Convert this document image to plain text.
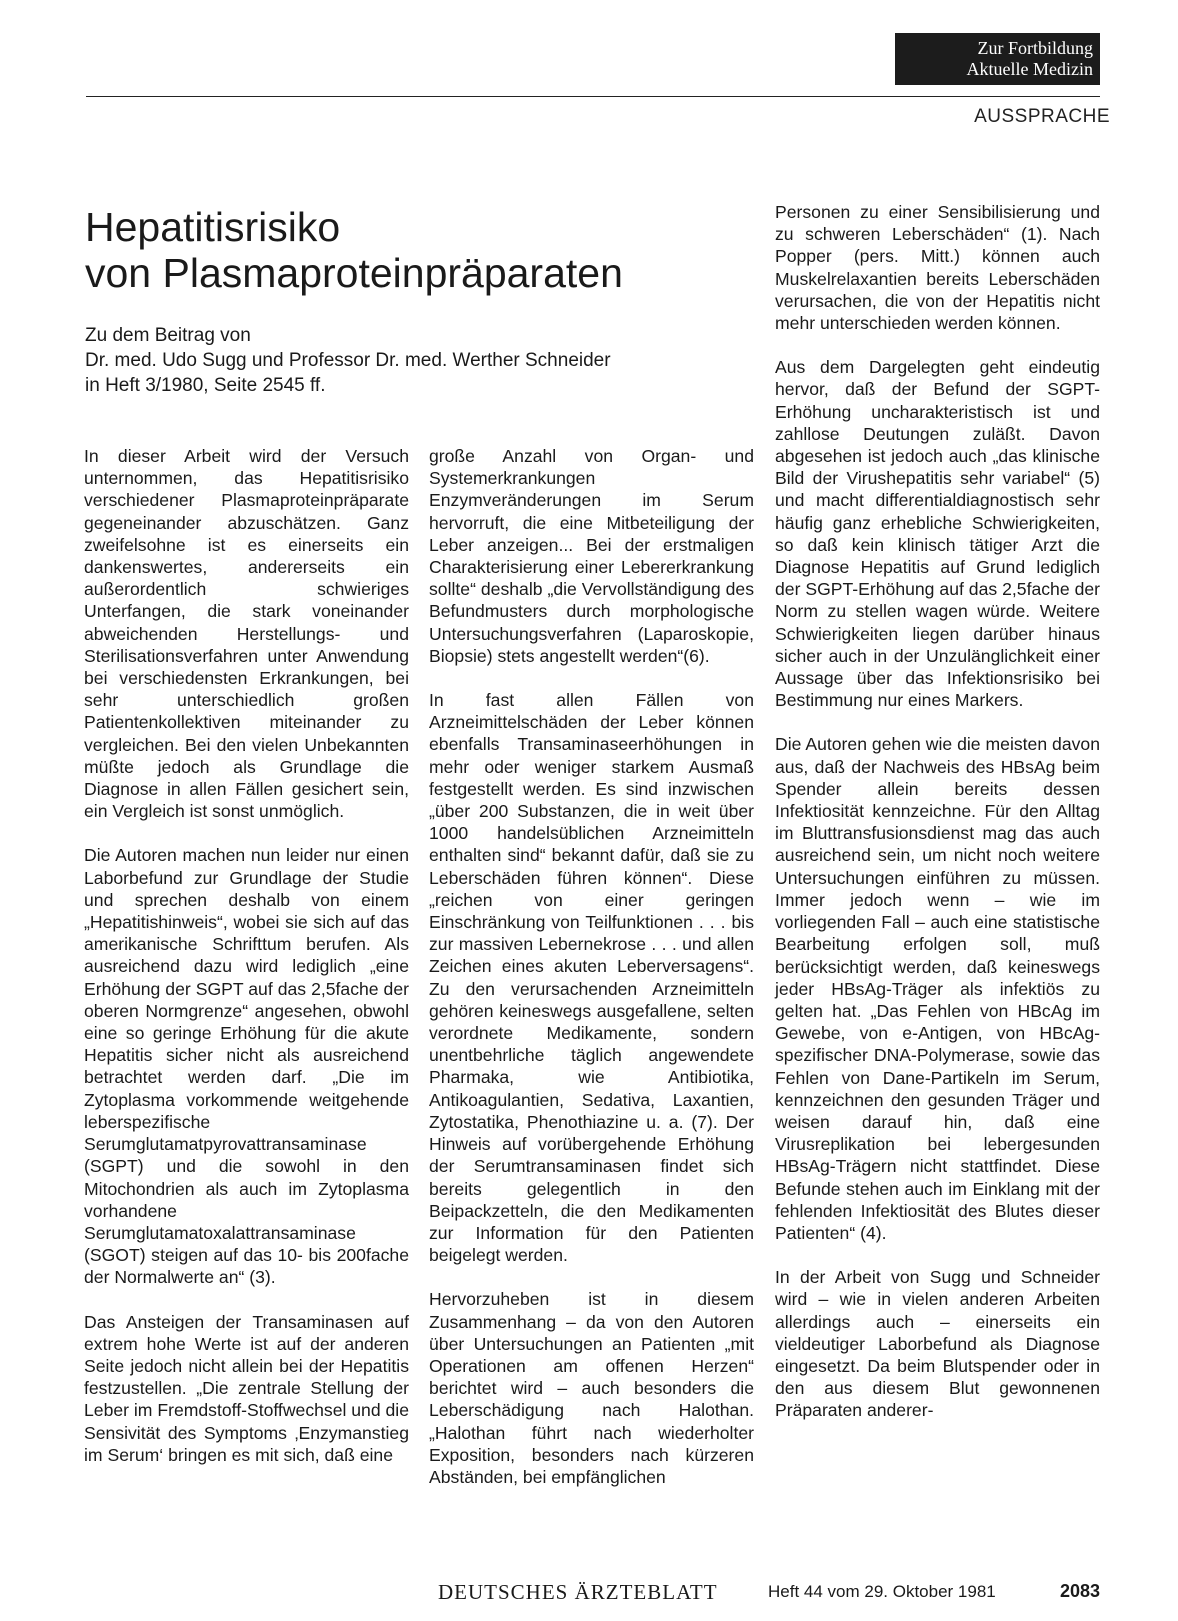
Zur Fortbildung
Aktuelle Medizin
AUSSPRACHE
Hepatitisrisiko
von Plasmaproteinpräparaten
Zu dem Beitrag von
Dr. med. Udo Sugg und Professor Dr. med. Werther Schneider
in Heft 3/1980, Seite 2545 ff.

In dieser Arbeit wird der Versuch unternommen, das Hepatitisrisiko verschiedener Plasmaproteinpräparate gegeneinander abzuschätzen. Ganz zweifelsohne ist es einerseits ein dankenswertes, andererseits ein außerordentlich schwieriges Unterfangen, die stark voneinander abweichenden Herstellungs- und Sterilisationsverfahren unter Anwendung bei verschiedensten Erkrankungen, bei sehr unterschiedlich großen Patientenkollektiven miteinander zu vergleichen. Bei den vielen Unbekannten müßte jedoch als Grundlage die Diagnose in allen Fällen gesichert sein, ein Vergleich ist sonst unmöglich.

Die Autoren machen nun leider nur einen Laborbefund zur Grundlage der Studie und sprechen deshalb von einem „Hepatitishinweis“, wobei sie sich auf das amerikanische Schrifttum berufen. Als ausreichend dazu wird lediglich „eine Erhöhung der SGPT auf das 2,5fache der oberen Normgrenze“ angesehen, obwohl eine so geringe Erhöhung für die akute Hepatitis sicher nicht als ausreichend betrachtet werden darf. „Die im Zytoplasma vorkommende weitgehende leberspezifische Serumglutamatpyrovattransaminase (SGPT) und die sowohl in den Mitochondrien als auch im Zytoplasma vorhandene Serumglutamatoxalattransaminase (SGOT) steigen auf das 10- bis 200fache der Normalwerte an“ (3).

Das Ansteigen der Transaminasen auf extrem hohe Werte ist auf der anderen Seite jedoch nicht allein bei der Hepatitis festzustellen. „Die zentrale Stellung der Leber im Fremdstoff-Stoffwechsel und die Sensivität des Symptoms ‚Enzymanstieg im Serum‘ bringen es mit sich, daß eine

große Anzahl von Organ- und Systemerkrankungen Enzymveränderungen im Serum hervorruft, die eine Mitbeteiligung der Leber anzeigen... Bei der erstmaligen Charakterisierung einer Lebererkrankung sollte“ deshalb „die Vervollständigung des Befundmusters durch morphologische Untersuchungsverfahren (Laparoskopie, Biopsie) stets angestellt werden“(6).

In fast allen Fällen von Arzneimittelschäden der Leber können ebenfalls Transaminaseerhöhungen in mehr oder weniger starkem Ausmaß festgestellt werden. Es sind inzwischen „über 200 Substanzen, die in weit über 1000 handelsüblichen Arzneimitteln enthalten sind“ bekannt dafür, daß sie zu Leberschäden führen können“. Diese „reichen von einer geringen Einschränkung von Teilfunktionen . . . bis zur massiven Lebernekrose . . . und allen Zeichen eines akuten Leberversagens“. Zu den verursachenden Arzneimitteln gehören keineswegs ausgefallene, selten verordnete Medikamente, sondern unentbehrliche täglich angewendete Pharmaka, wie Antibiotika, Antikoagulantien, Sedativa, Laxantien, Zytostatika, Phenothiazine u. a. (7). Der Hinweis auf vorübergehende Erhöhung der Serumtransaminasen findet sich bereits gelegentlich in den Beipackzetteln, die den Medikamenten zur Information für den Patienten beigelegt werden.

Hervorzuheben ist in diesem Zusammenhang – da von den Autoren über Untersuchungen an Patienten „mit Operationen am offenen Herzen“ berichtet wird – auch besonders die Leberschädigung nach Halothan. „Halothan führt nach wiederholter Exposition, besonders nach kürzeren Abständen, bei empfänglichen

Personen zu einer Sensibilisierung und zu schweren Leberschäden“ (1). Nach Popper (pers. Mitt.) können auch Muskelrelaxantien bereits Leberschäden verursachen, die von der Hepatitis nicht mehr unterschieden werden können.

Aus dem Dargelegten geht eindeutig hervor, daß der Befund der SGPT-Erhöhung uncharakteristisch ist und zahllose Deutungen zuläßt. Davon abgesehen ist jedoch auch „das klinische Bild der Virushepatitis sehr variabel“ (5) und macht differentialdiagnostisch sehr häufig ganz erhebliche Schwierigkeiten, so daß kein klinisch tätiger Arzt die Diagnose Hepatitis auf Grund lediglich der SGPT-Erhöhung auf das 2,5fache der Norm zu stellen wagen würde. Weitere Schwierigkeiten liegen darüber hinaus sicher auch in der Unzulänglichkeit einer Aussage über das Infektionsrisiko bei Bestimmung nur eines Markers.

Die Autoren gehen wie die meisten davon aus, daß der Nachweis des HBsAg beim Spender allein bereits dessen Infektiosität kennzeichne. Für den Alltag im Bluttransfusionsdienst mag das auch ausreichend sein, um nicht noch weitere Untersuchungen einführen zu müssen. Immer jedoch wenn – wie im vorliegenden Fall – auch eine statistische Bearbeitung erfolgen soll, muß berücksichtigt werden, daß keineswegs jeder HBsAg-Träger als infektiös zu gelten hat. „Das Fehlen von HBcAg im Gewebe, von e-Antigen, von HBcAg-spezifischer DNA-Polymerase, sowie das Fehlen von Dane-Partikeln im Serum, kennzeichnen den gesunden Träger und weisen darauf hin, daß eine Virusreplikation bei lebergesunden HBsAg-Trägern nicht stattfindet. Diese Befunde stehen auch im Einklang mit der fehlenden Infektiosität des Blutes dieser Patienten“ (4).

In der Arbeit von Sugg und Schneider wird – wie in vielen anderen Arbeiten allerdings auch – einerseits ein vieldeutiger Laborbefund als Diagnose eingesetzt. Da beim Blutspender oder in den aus diesem Blut gewonnenen Präparaten anderer-

DEUTSCHES ÄRZTEBLATT	Heft 44 vom 29. Oktober 1981	2083
